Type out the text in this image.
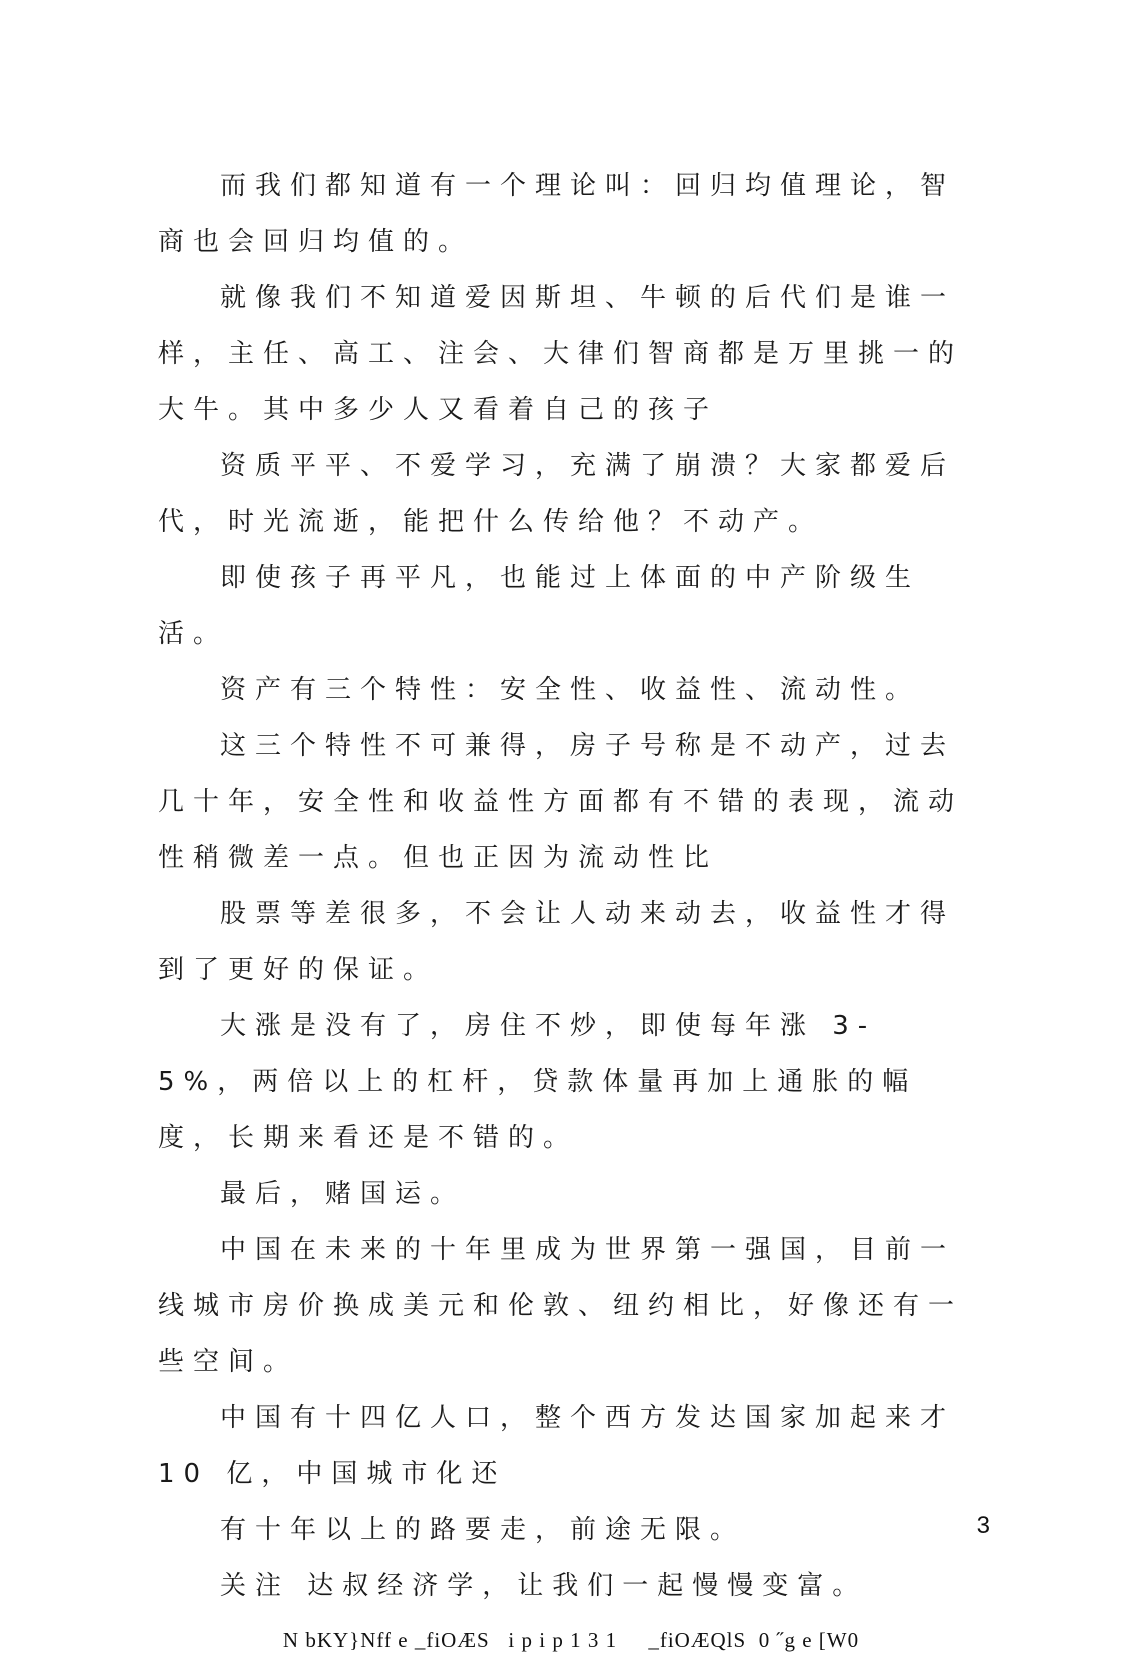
而我们都知道有一个理论叫：回归均值理论，智商也会回归均值的。

就像我们不知道爱因斯坦、牛顿的后代们是谁一样，主任、高工、注会、大律们智商都是万里挑一的大牛。其中多少人又看着自己的孩子

资质平平、不爱学习，充满了崩溃？大家都爱后代，时光流逝，能把什么传给他？不动产。

即使孩子再平凡，也能过上体面的中产阶级生活。

资产有三个特性：安全性、收益性、流动性。

这三个特性不可兼得，房子号称是不动产，过去几十年，安全性和收益性方面都有不错的表现，流动性稍微差一点。但也正因为流动性比

股票等差很多，不会让人动来动去，收益性才得到了更好的保证。

大涨是没有了，房住不炒，即使每年涨 3-5%，两倍以上的杠杆，贷款体量再加上通胀的幅度，长期来看还是不错的。

最后，赌国运。

中国在未来的十年里成为世界第一强国，目前一线城市房价换成美元和伦敦、纽约相比，好像还有一些空间。

中国有十四亿人口，整个西方发达国家加起来才 10 亿，中国城市化还

有十年以上的路要走，前途无限。

关注 达叔经济学，让我们一起慢慢变富。

3
N bKY}Nff e _fiOÆS   i p i p 1 3 1     _fiOÆQlS  0 ˝g e [W0
